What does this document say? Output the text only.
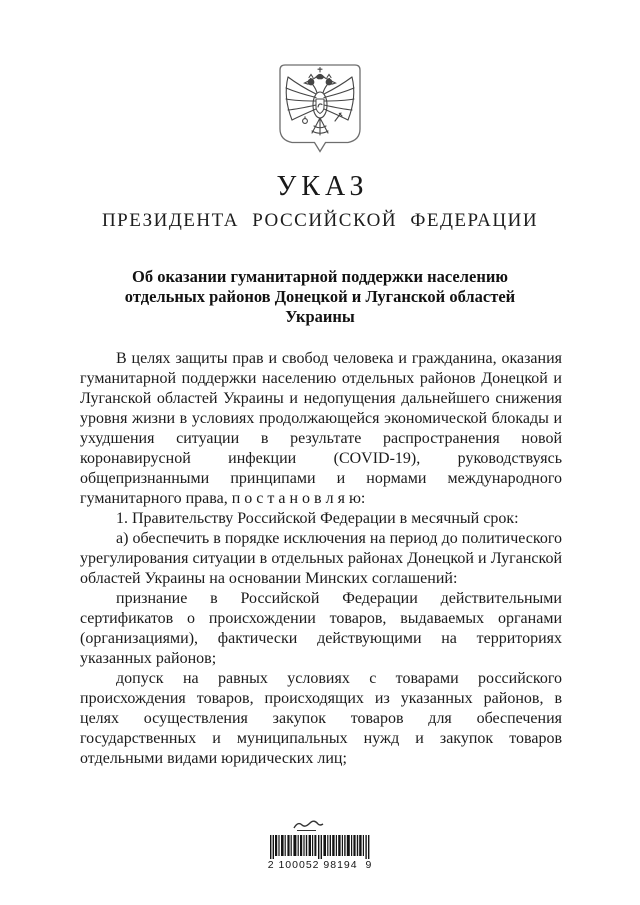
УКАЗ
ПРЕЗИДЕНТА РОССИЙСКОЙ ФЕДЕРАЦИИ
Об оказании гуманитарной поддержки населению отдельных районов Донецкой и Луганской областей Украины

В целях защиты прав и свобод человека и гражданина, оказания гуманитарной поддержки населению отдельных районов Донецкой и Луганской областей Украины и недопущения дальнейшего снижения уровня жизни в условиях продолжающейся экономической блокады и ухудшения ситуации в результате распространения новой коронавирусной инфекции (COVID-19), руководствуясь общепризнанными принципами и нормами международного гуманитарного права, п о с т а н о в л я ю:

1. Правительству Российской Федерации в месячный срок:

а) обеспечить в порядке исключения на период до политического урегулирования ситуации в отдельных районах Донецкой и Луганской областей Украины на основании Минских соглашений:

признание в Российской Федерации действительными сертификатов о происхождении товаров, выдаваемых органами (организациями), фактически действующими на территориях указанных районов;

допуск на равных условиях с товарами российского происхождения товаров, происходящих из указанных районов, в целях осуществления закупок товаров для обеспечения государственных и муниципальных нужд и закупок товаров отдельными видами юридических лиц;

2 100052 98194  9
